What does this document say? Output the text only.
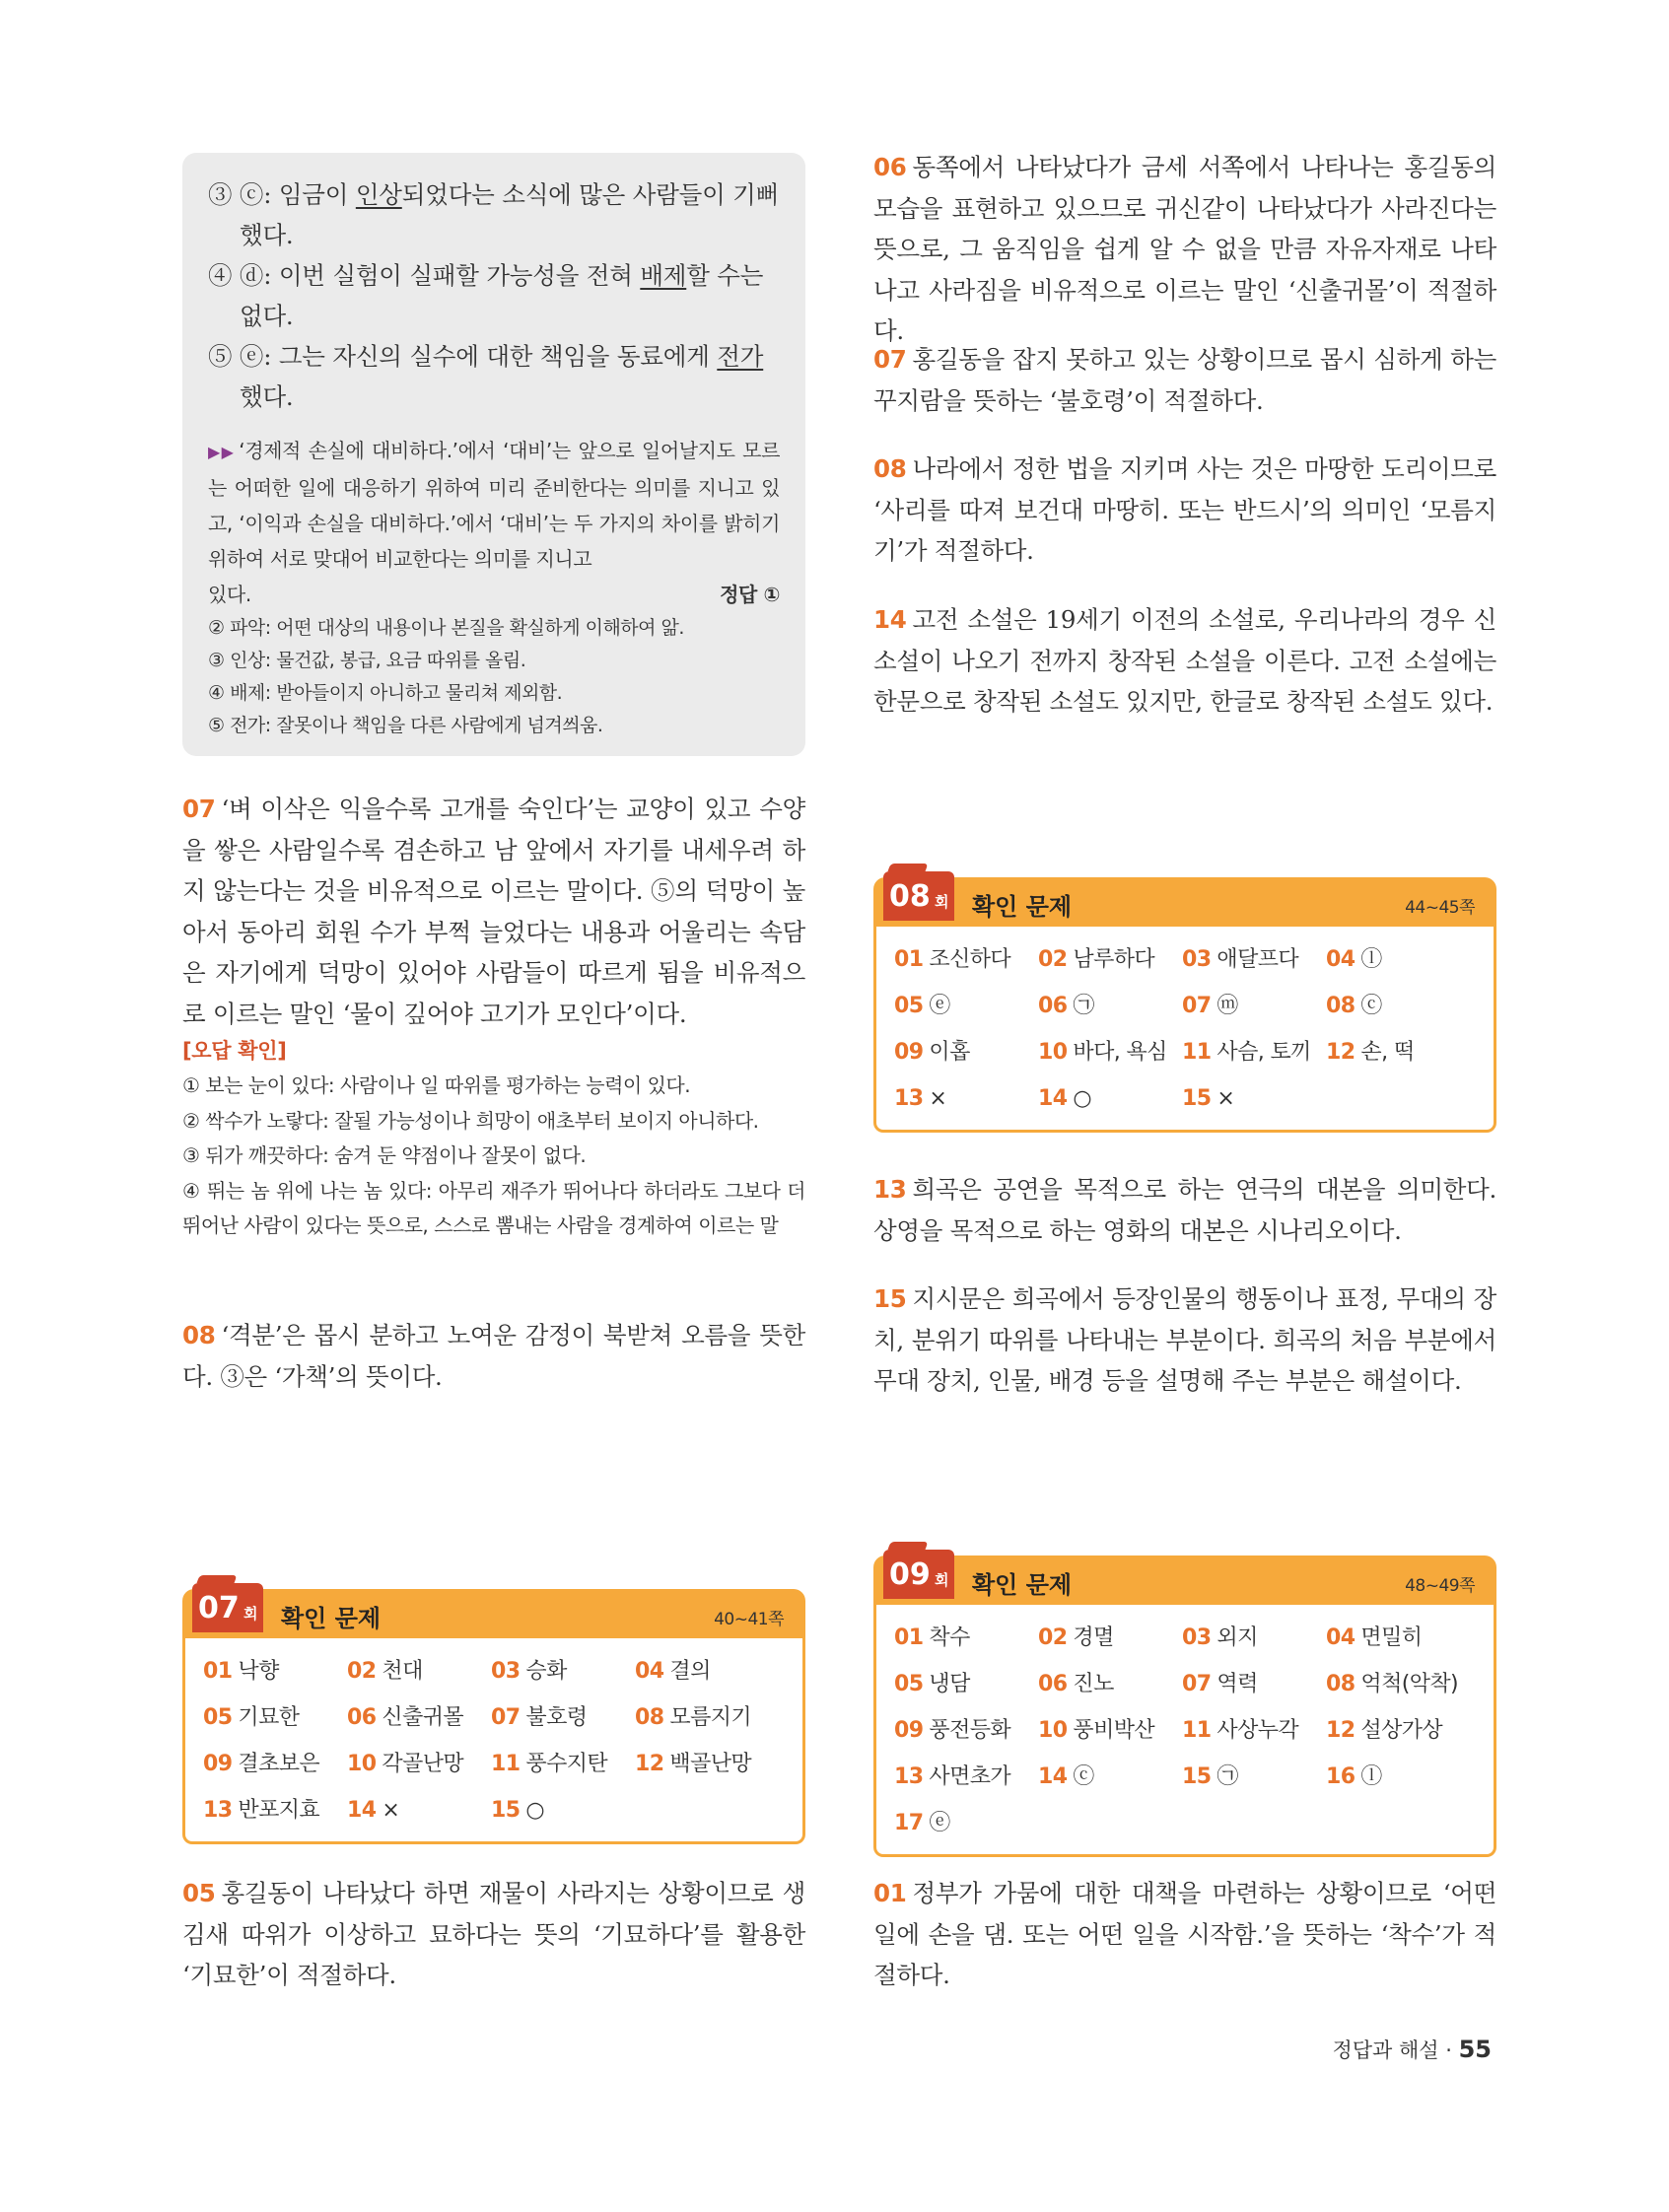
③ ⓒ: 임금이 인상되었다는 소식에 많은 사람들이 기뻐했다.
④ ⓓ: 이번 실험이 실패할 가능성을 전혀 배제할 수는 없다.
⑤ ⓔ: 그는 자신의 실수에 대한 책임을 동료에게 전가했다.
▶▶ ‘경제적 손실에 대비하다.’에서 ‘대비’는 앞으로 일어날지도 모르는 어떠한 일에 대응하기 위하여 미리 준비한다는 의미를 지니고 있고, ‘이익과 손실을 대비하다.’에서 ‘대비’는 두 가지의 차이를 밝히기 위하여 서로 맞대어 비교한다는 의미를 지니고
있다.	정답 ①
② 파악: 어떤 대상의 내용이나 본질을 확실하게 이해하여 앎.
③ 인상: 물건값, 봉급, 요금 따위를 올림.
④ 배제: 받아들이지 아니하고 물리쳐 제외함.
⑤ 전가: 잘못이나 책임을 다른 사람에게 넘겨씌움.
07 ‘벼 이삭은 익을수록 고개를 숙인다’는 교양이 있고 수양을 쌓은 사람일수록 겸손하고 남 앞에서 자기를 내세우려 하지 않는다는 것을 비유적으로 이르는 말이다. ⑤의 덕망이 높아서 동아리 회원 수가 부쩍 늘었다는 내용과 어울리는 속담은 자기에게 덕망이 있어야 사람들이 따르게 됨을 비유적으로 이르는 말인 ‘물이 깊어야 고기가 모인다’이다.
[오답 확인]
① 보는 눈이 있다: 사람이나 일 따위를 평가하는 능력이 있다.
② 싹수가 노랗다: 잘될 가능성이나 희망이 애초부터 보이지 아니하다.
③ 뒤가 깨끗하다: 숨겨 둔 약점이나 잘못이 없다.
④ 뛰는 놈 위에 나는 놈 있다: 아무리 재주가 뛰어나다 하더라도 그보다 더 뛰어난 사람이 있다는 뜻으로, 스스로 뽐내는 사람을 경계하여 이르는 말
08 ‘격분’은 몹시 분하고 노여운 감정이 북받쳐 오름을 뜻한다. ③은 ‘가책’의 뜻이다.
07 회 확인 문제	40~41쪽
01 낙향	02 천대	03 승화	04 결의
05 기묘한	06 신출귀몰	07 불호령	08 모름지기
09 결초보은	10 각골난망	11 풍수지탄	12 백골난망
13 반포지효	14 ×	15 ○
05 홍길동이 나타났다 하면 재물이 사라지는 상황이므로 생김새 따위가 이상하고 묘하다는 뜻의 ‘기묘하다’를 활용한 ‘기묘한’이 적절하다.
06 동쪽에서 나타났다가 금세 서쪽에서 나타나는 홍길동의 모습을 표현하고 있으므로 귀신같이 나타났다가 사라진다는 뜻으로, 그 움직임을 쉽게 알 수 없을 만큼 자유자재로 나타나고 사라짐을 비유적으로 이르는 말인 ‘신출귀몰’이 적절하다.
07 홍길동을 잡지 못하고 있는 상황이므로 몹시 심하게 하는 꾸지람을 뜻하는 ‘불호령’이 적절하다.
08 나라에서 정한 법을 지키며 사는 것은 마땅한 도리이므로 ‘사리를 따져 보건대 마땅히. 또는 반드시’의 의미인 ‘모름지기’가 적절하다.
14 고전 소설은 19세기 이전의 소설로, 우리나라의 경우 신소설이 나오기 전까지 창작된 소설을 이른다. 고전 소설에는 한문으로 창작된 소설도 있지만, 한글로 창작된 소설도 있다.
08 회 확인 문제	44~45쪽
01 조신하다	02 남루하다	03 애달프다	04 ⓛ
05 ⓔ	06 ㉠	07 ⓜ	08 ⓒ
09 이홉	10 바다, 욕심 11 사슴, 토끼 12 손, 떡
13 ×	14 ○	15 ×
13 희곡은 공연을 목적으로 하는 연극의 대본을 의미한다. 상영을 목적으로 하는 영화의 대본은 시나리오이다.
15 지시문은 희곡에서 등장인물의 행동이나 표정, 무대의 장치, 분위기 따위를 나타내는 부분이다. 희곡의 처음 부분에서 무대 장치, 인물, 배경 등을 설명해 주는 부분은 해설이다.
09 회 확인 문제	48~49쪽
01 착수	02 경멸	03 외지	04 면밀히
05 냉담	06 진노	07 역력	08 억척(악착)
09 풍전등화	10 풍비박산	11 사상누각	12 설상가상
13 사면초가	14 ⓒ	15 ㉠	16 ⓛ
17 ⓔ
01 정부가 가뭄에 대한 대책을 마련하는 상황이므로 ‘어떤 일에 손을 댐. 또는 어떤 일을 시작함.’을 뜻하는 ‘착수’가 적절하다.
정답과 해설 · 55
